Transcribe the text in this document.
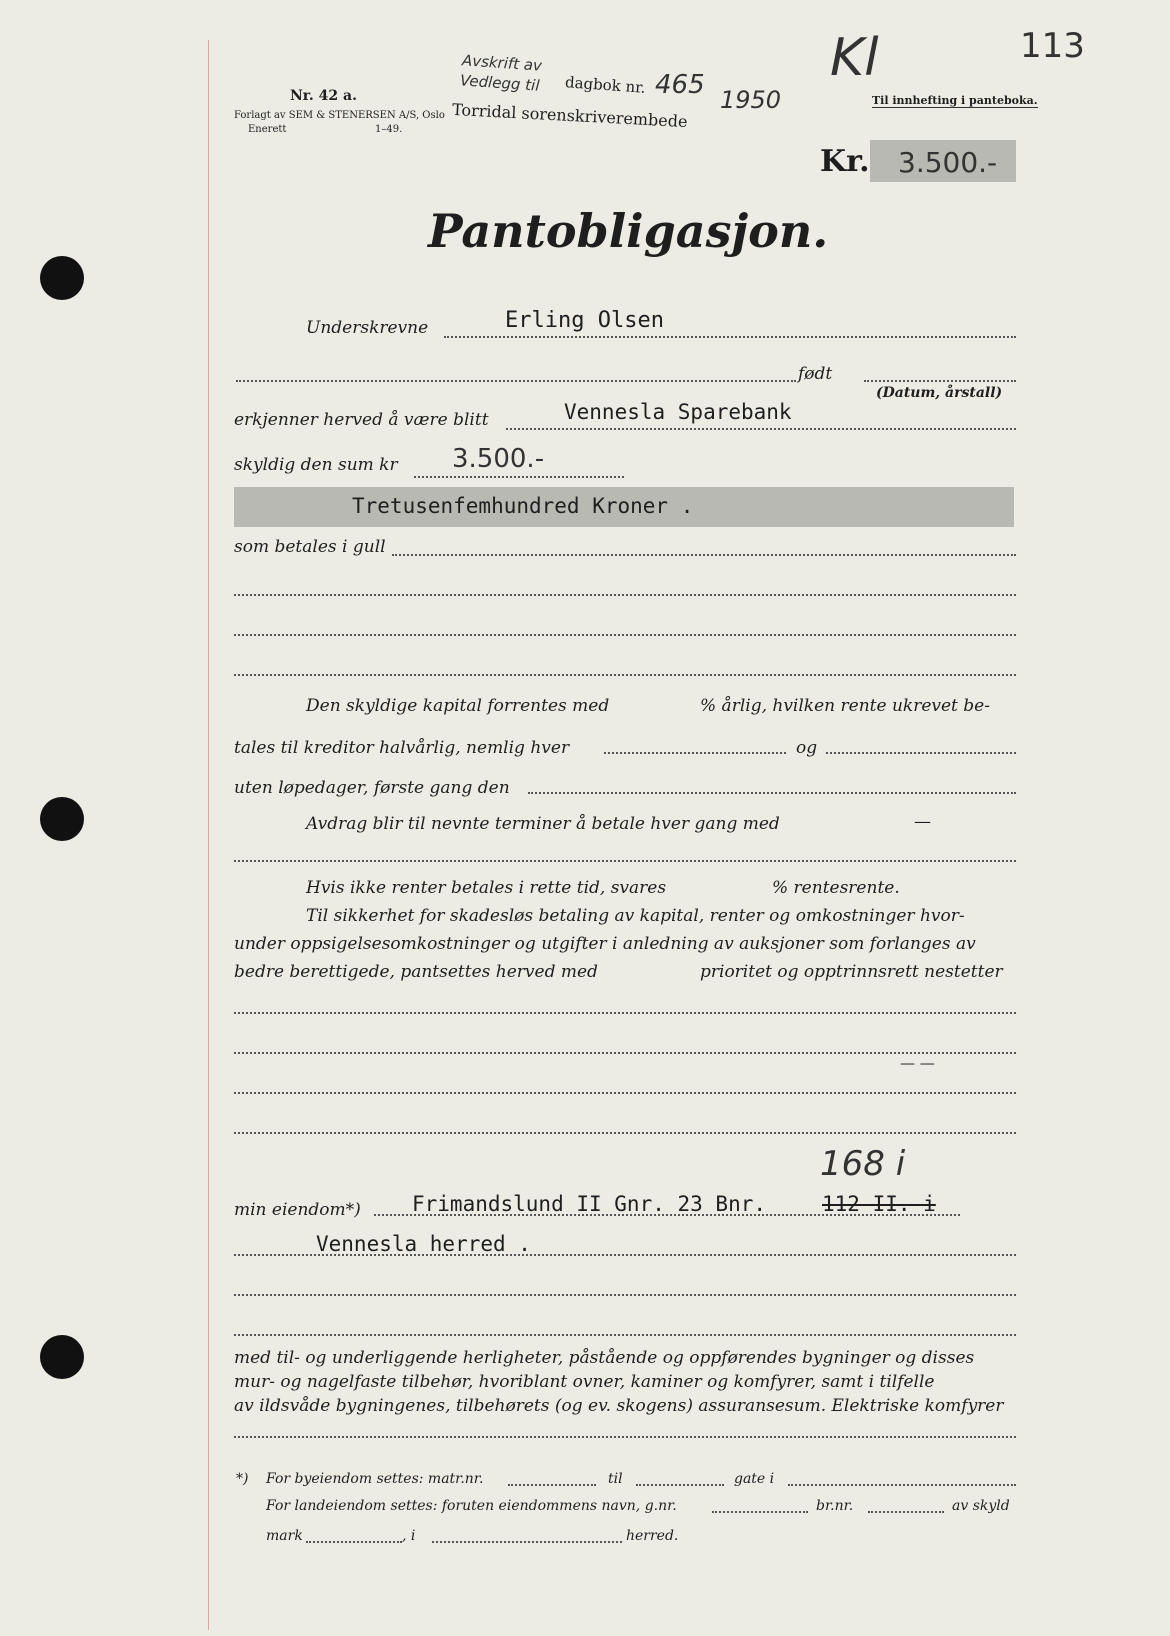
Nr. 42 a.
Forlagt av SEM & STENERSEN A/S, Oslo
Enerett	1–49.
Avskrift av
Vedlegg til dagbok nr. 465 1950
Torridal sorenskriverembede
Kl	113
Til innhefting i panteboka.
Kr. 3.500.-
Pantobligasjon.
Underskrevne	Erling Olsen
født
(Datum, årstall)
erkjenner herved å være blitt	Vennesla Sparebank
skyldig den sum kr 3.500.-
Tretusenfemhundred Kroner .
som betales i gull
Den skyldige kapital forrentes med	% årlig, hvilken rente ukrevet be-
tales til kreditor halvårlig, nemlig hver	og
uten løpedager, første gang den
Avdrag blir til nevnte terminer å betale hver gang med	—
Hvis ikke renter betales i rette tid, svares	% rentesrente.
Til sikkerhet for skadesløs betaling av kapital, renter og omkostninger hvor-
under oppsigelsesomkostninger og utgifter i anledning av auksjoner som forlanges av
bedre berettigede, pantsettes herved med	prioritet og opptrinnsrett nestetter
— —
168 i
min eiendom*) Frimandslund II Gnr. 23 Bnr.	112 II. i
Vennesla herred .
med til- og underliggende herligheter, påstående og oppførendes bygninger og disses
mur- og nagelfaste tilbehør, hvoriblant ovner, kaminer og komfyrer, samt i tilfelle
av ildsvåde bygningenes, tilbehørets (og ev. skogens) assuransesum. Elektriske komfyrer
*) For byeiendom settes: matr.nr.	til	gate i
For landeiendom settes: foruten eiendommens navn, g.nr.	br.nr.	av skyld
mark	, i	herred.
